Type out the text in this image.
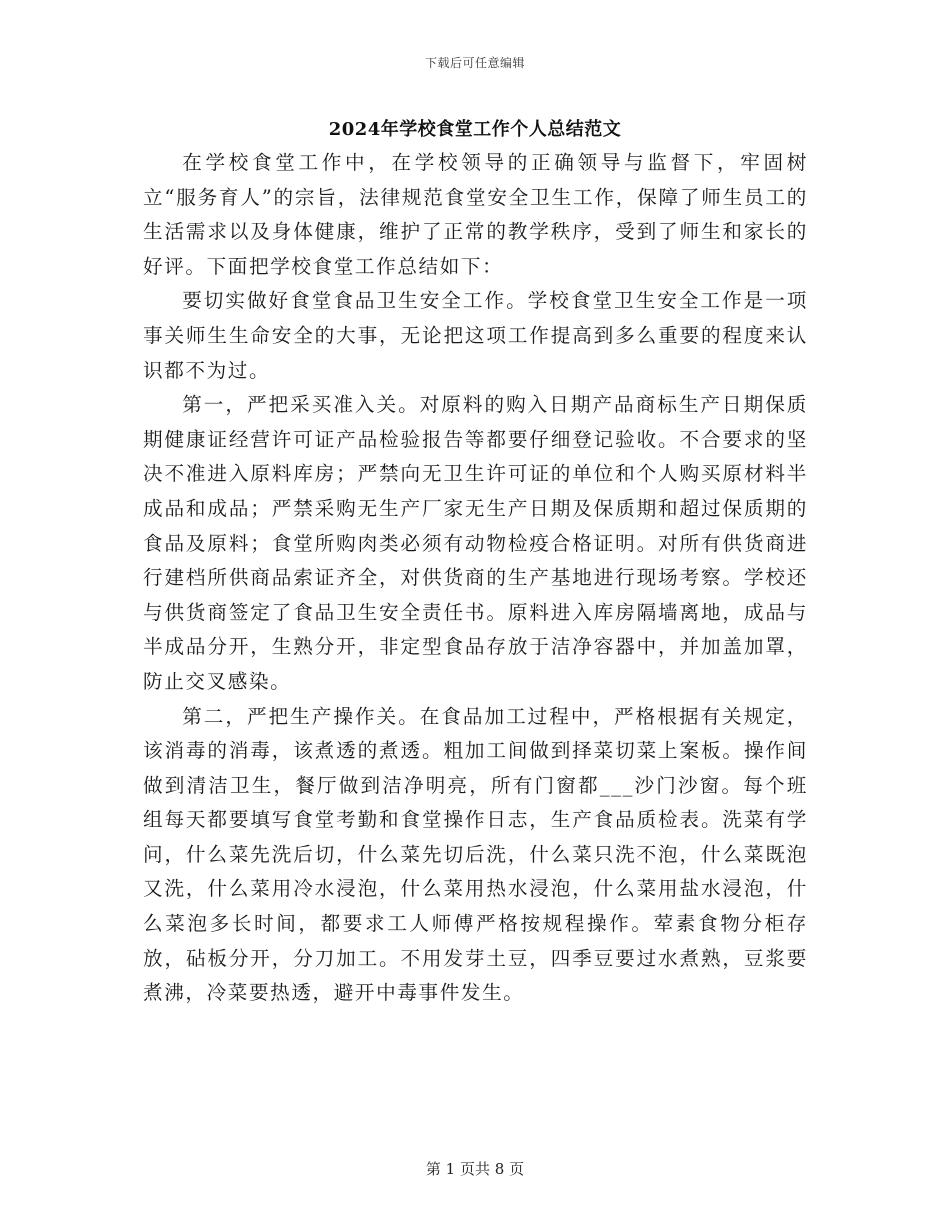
下载后可任意编辑
2024年学校食堂工作个人总结范文

在学校食堂工作中，在学校领导的正确领导与监督下，牢固树立“服务育人”的宗旨，法律规范食堂安全卫生工作，保障了师生员工的生活需求以及身体健康，维护了正常的教学秩序，受到了师生和家长的好评。下面把学校食堂工作总结如下：

要切实做好食堂食品卫生安全工作。学校食堂卫生安全工作是一项事关师生生命安全的大事，无论把这项工作提高到多么重要的程度来认识都不为过。

第一，严把采买准入关。对原料的购入日期产品商标生产日期保质期健康证经营许可证产品检验报告等都要仔细登记验收。不合要求的坚决不准进入原料库房；严禁向无卫生许可证的单位和个人购买原材料半成品和成品；严禁采购无生产厂家无生产日期及保质期和超过保质期的食品及原料；食堂所购肉类必须有动物检疫合格证明。对所有供货商进行建档所供商品索证齐全，对供货商的生产基地进行现场考察。学校还与供货商签定了食品卫生安全责任书。原料进入库房隔墙离地，成品与半成品分开，生熟分开，非定型食品存放于洁净容器中，并加盖加罩，防止交叉感染。

第二，严把生产操作关。在食品加工过程中，严格根据有关规定，该消毒的消毒，该煮透的煮透。粗加工间做到择菜切菜上案板。操作间做到清洁卫生，餐厅做到洁净明亮，所有门窗都___沙门沙窗。每个班组每天都要填写食堂考勤和食堂操作日志，生产食品质检表。洗菜有学问，什么菜先洗后切，什么菜先切后洗，什么菜只洗不泡，什么菜既泡又洗，什么菜用冷水浸泡，什么菜用热水浸泡，什么菜用盐水浸泡，什么菜泡多长时间，都要求工人师傅严格按规程操作。荤素食物分柜存放，砧板分开，分刀加工。不用发芽土豆，四季豆要过水煮熟，豆浆要煮沸，冷菜要热透，避开中毒事件发生。

第 1 页共 8 页
